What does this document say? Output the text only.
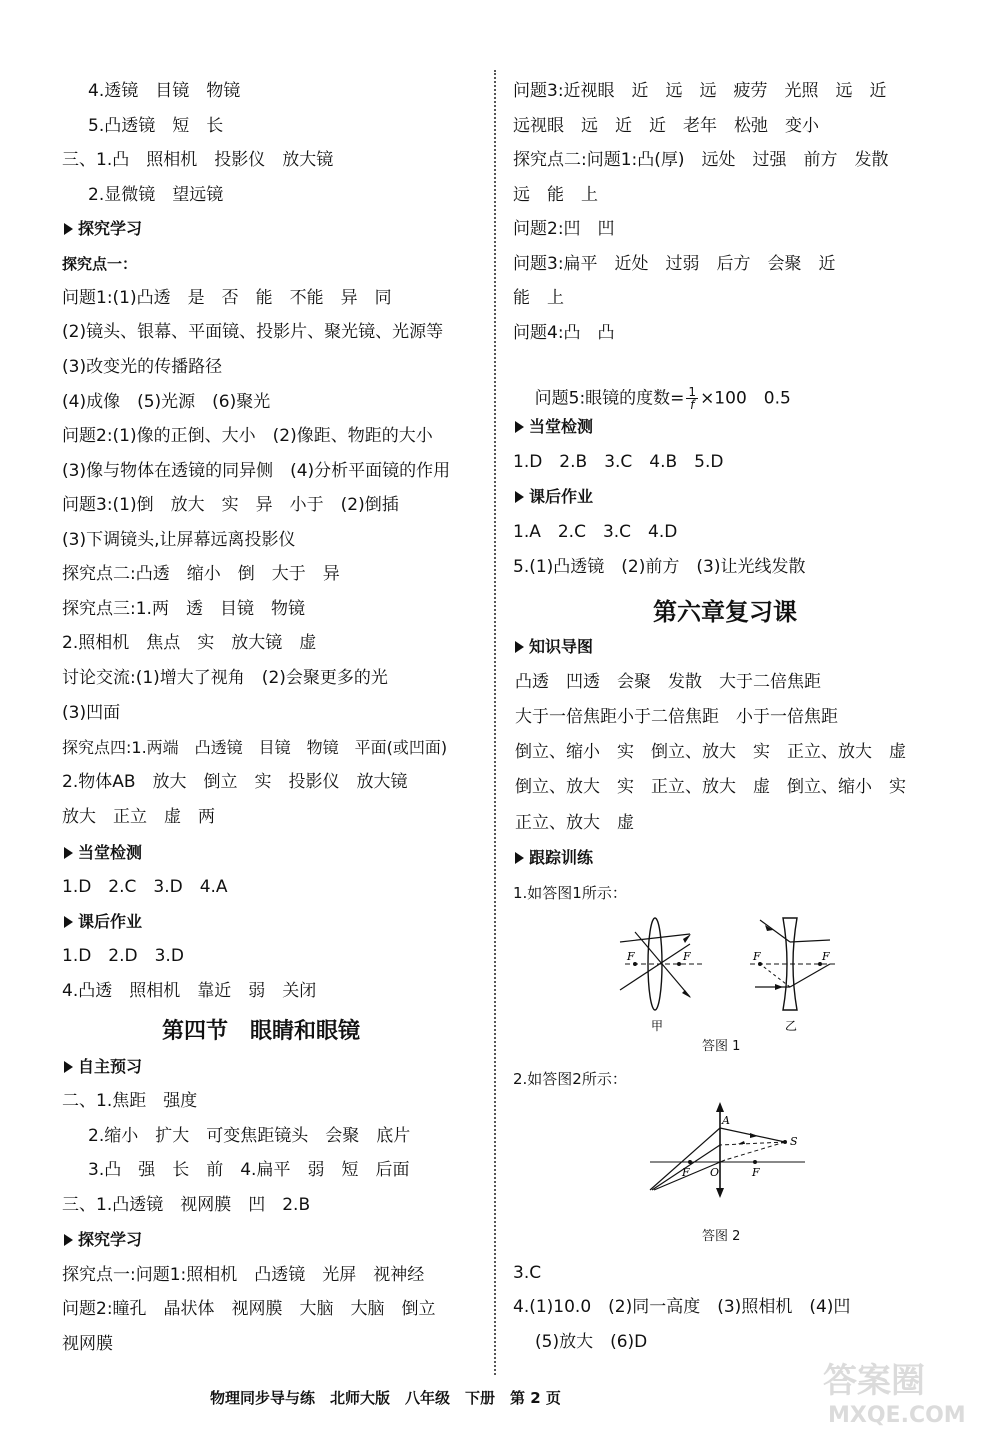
4.透镜　目镜　物镜
5.凸透镜　短　长
三、1.凸　照相机　投影仪　放大镜
2.显微镜　望远镜
探究学习
探究点一：
问题1:(1)凸透　是　否　能　不能　异　同
(2)镜头、银幕、平面镜、投影片、聚光镜、光源等
(3)改变光的传播路径
(4)成像　(5)光源　(6)聚光
问题2:(1)像的正倒、大小　(2)像距、物距的大小
(3)像与物体在透镜的同异侧　(4)分析平面镜的作用
问题3:(1)倒　放大　实　异　小于　(2)倒插
(3)下调镜头,让屏幕远离投影仪
探究点二:凸透　缩小　倒　大于　异
探究点三:1.两　透　目镜　物镜
2.照相机　焦点　实　放大镜　虚
讨论交流:(1)增大了视角　(2)会聚更多的光
(3)凹面
探究点四:1.两端　凸透镜　目镜　物镜　平面(或凹面)
2.物体AB　放大　倒立　实　投影仪　放大镜
放大　正立　虚　两
当堂检测
1.D　2.C　3.D　4.A
课后作业
1.D　2.D　3.D
4.凸透　照相机　靠近　弱　关闭
第四节　眼睛和眼镜
自主预习
二、1.焦距　强度
2.缩小　扩大　可变焦距镜头　会聚　底片
3.凸　强　长　前　4.扁平　弱　短　后面
三、1.凸透镜　视网膜　凹　2.B
探究学习
探究点一:问题1:照相机　凸透镜　光屏　视神经
问题2:瞳孔　晶状体　视网膜　大脑　大脑　倒立
视网膜
问题3:近视眼　近　远　远　疲劳　光照　远　近
远视眼　远　近　近　老年　松弛　变小
探究点二:问题1:凸(厚)　远处　过强　前方　发散
远　能　上
问题2:凹　凹
问题3:扁平　近处　过弱　后方　会聚　近
能　上
问题4:凸　凸

问题5:眼镜的度数= $\frac{1}{f} \times 100$　0.5

当堂检测
1.D　2.B　3.C　4.B　5.D
课后作业
1.A　2.C　3.C　4.D
5.(1)凸透镜　(2)前方　(3)让光线发散
第六章复习课
知识导图
凸透　凹透　会聚　发散　大于二倍焦距
大于一倍焦距小于二倍焦距　小于一倍焦距
倒立、缩小　实　倒立、放大　实　正立、放大　虚
倒立、放大　实　正立、放大　虚　倒立、缩小　实
正立、放大　虚
跟踪训练
1.如答图1所示：
F	F
甲
F	F
乙
答图 1
2.如答图2所示：
A
S
F	F
O
答图 2
3.C
4.(1)10.0　(2)同一高度　(3)照相机　(4)凹
(5)放大　(6)D
物理同步导与练　北师大版　八年级　下册　第 2 页	答案圈
MXQE.COM
